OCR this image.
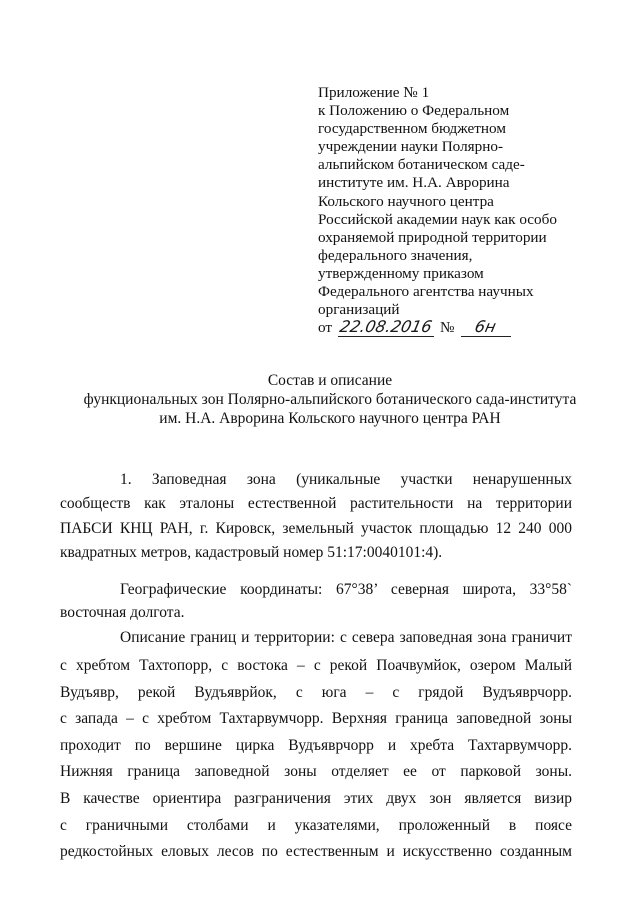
Приложение № 1
к Положению о Федеральном
государственном бюджетном
учреждении науки Полярно-
альпийском ботаническом саде-
институте им. Н.А. Аврорина
Кольского научного центра
Российской академии наук как особо
охраняемой природной территории
федерального значения,
утвержденному приказом
Федерального агентства научных
организаций
от 22.08.2016 № 6н
Состав и описание
функциональных зон Полярно-альпийского ботанического сада-института
им. Н.А. Аврорина Кольского научного центра РАН
1. Заповедная зона (уникальные участки ненарушенных
сообществ как эталоны естественной растительности на территории
ПАБСИ КНЦ РАН, г. Кировск, земельный участок площадью 12 240 000
квадратных метров, кадастровый номер 51:17:0040101:4).
Географические координаты: 67°38’ северная широта, 33°58`
восточная долгота.
Описание границ и территории: с севера заповедная зона граничит
с хребтом Тахтопорр, с востока – с рекой Поачвумйок, озером Малый
Вудъявр, рекой Вудъяврйок, с юга – с грядой Вудъяврчорр.
с запада – с хребтом Тахтарвумчорр. Верхняя граница заповедной зоны
проходит по вершине цирка Вудъяврчорр и хребта Тахтарвумчорр.
Нижняя граница заповедной зоны отделяет ее от парковой зоны.
В качестве ориентира разграничения этих двух зон является визир
с граничными столбами и указателями, проложенный в поясе
редкостойных еловых лесов по естественным и искусственно созданным
